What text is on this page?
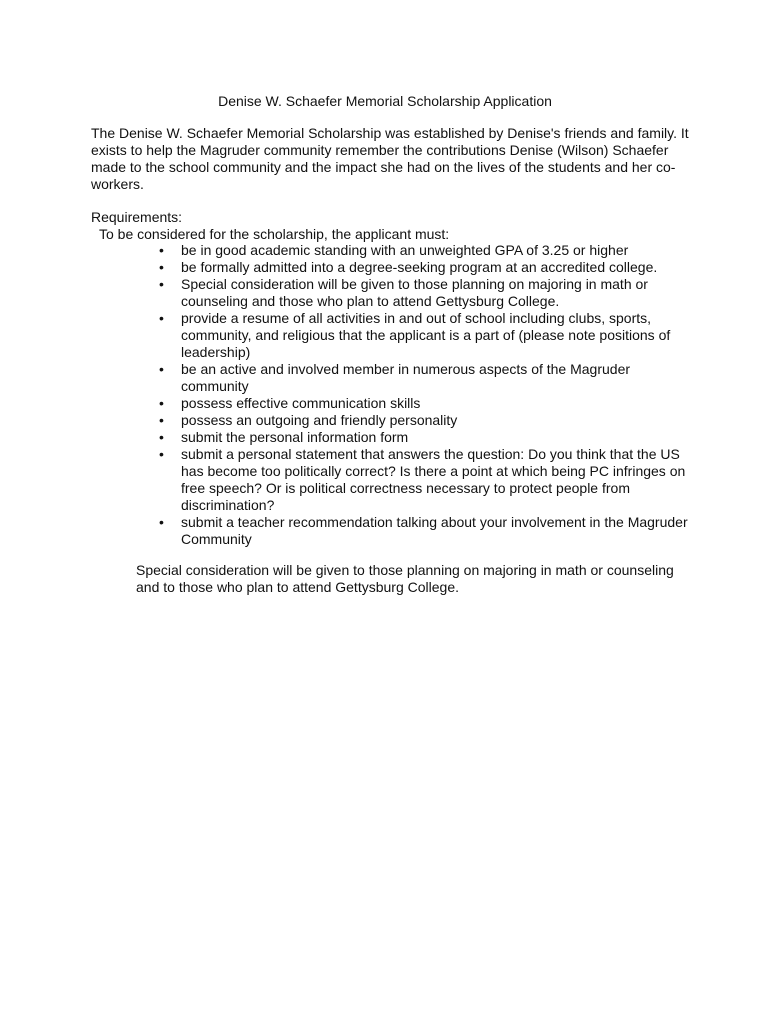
Denise W. Schaefer Memorial Scholarship Application
The Denise W. Schaefer Memorial Scholarship was established by Denise's friends and family. It exists to help the Magruder community remember the contributions Denise (Wilson) Schaefer made to the school community and the impact she had on the lives of the students and her co-workers.
Requirements:
To be considered for the scholarship, the applicant must:
• be in good academic standing with an unweighted GPA of 3.25 or higher
• be formally admitted into a degree-seeking program at an accredited college.
• Special consideration will be given to those planning on majoring in math or counseling and those who plan to attend Gettysburg College.
• provide a resume of all activities in and out of school including clubs, sports, community, and religious that the applicant is a part of (please note positions of leadership)
• be an active and involved member in numerous aspects of the Magruder community
• possess effective communication skills
• possess an outgoing and friendly personality
• submit the personal information form
• submit a personal statement that answers the question: Do you think that the US has become too politically correct? Is there a point at which being PC infringes on free speech? Or is political correctness necessary to protect people from discrimination?
• submit a teacher recommendation talking about your involvement in the Magruder Community
Special consideration will be given to those planning on majoring in math or counseling and to those who plan to attend Gettysburg College.
